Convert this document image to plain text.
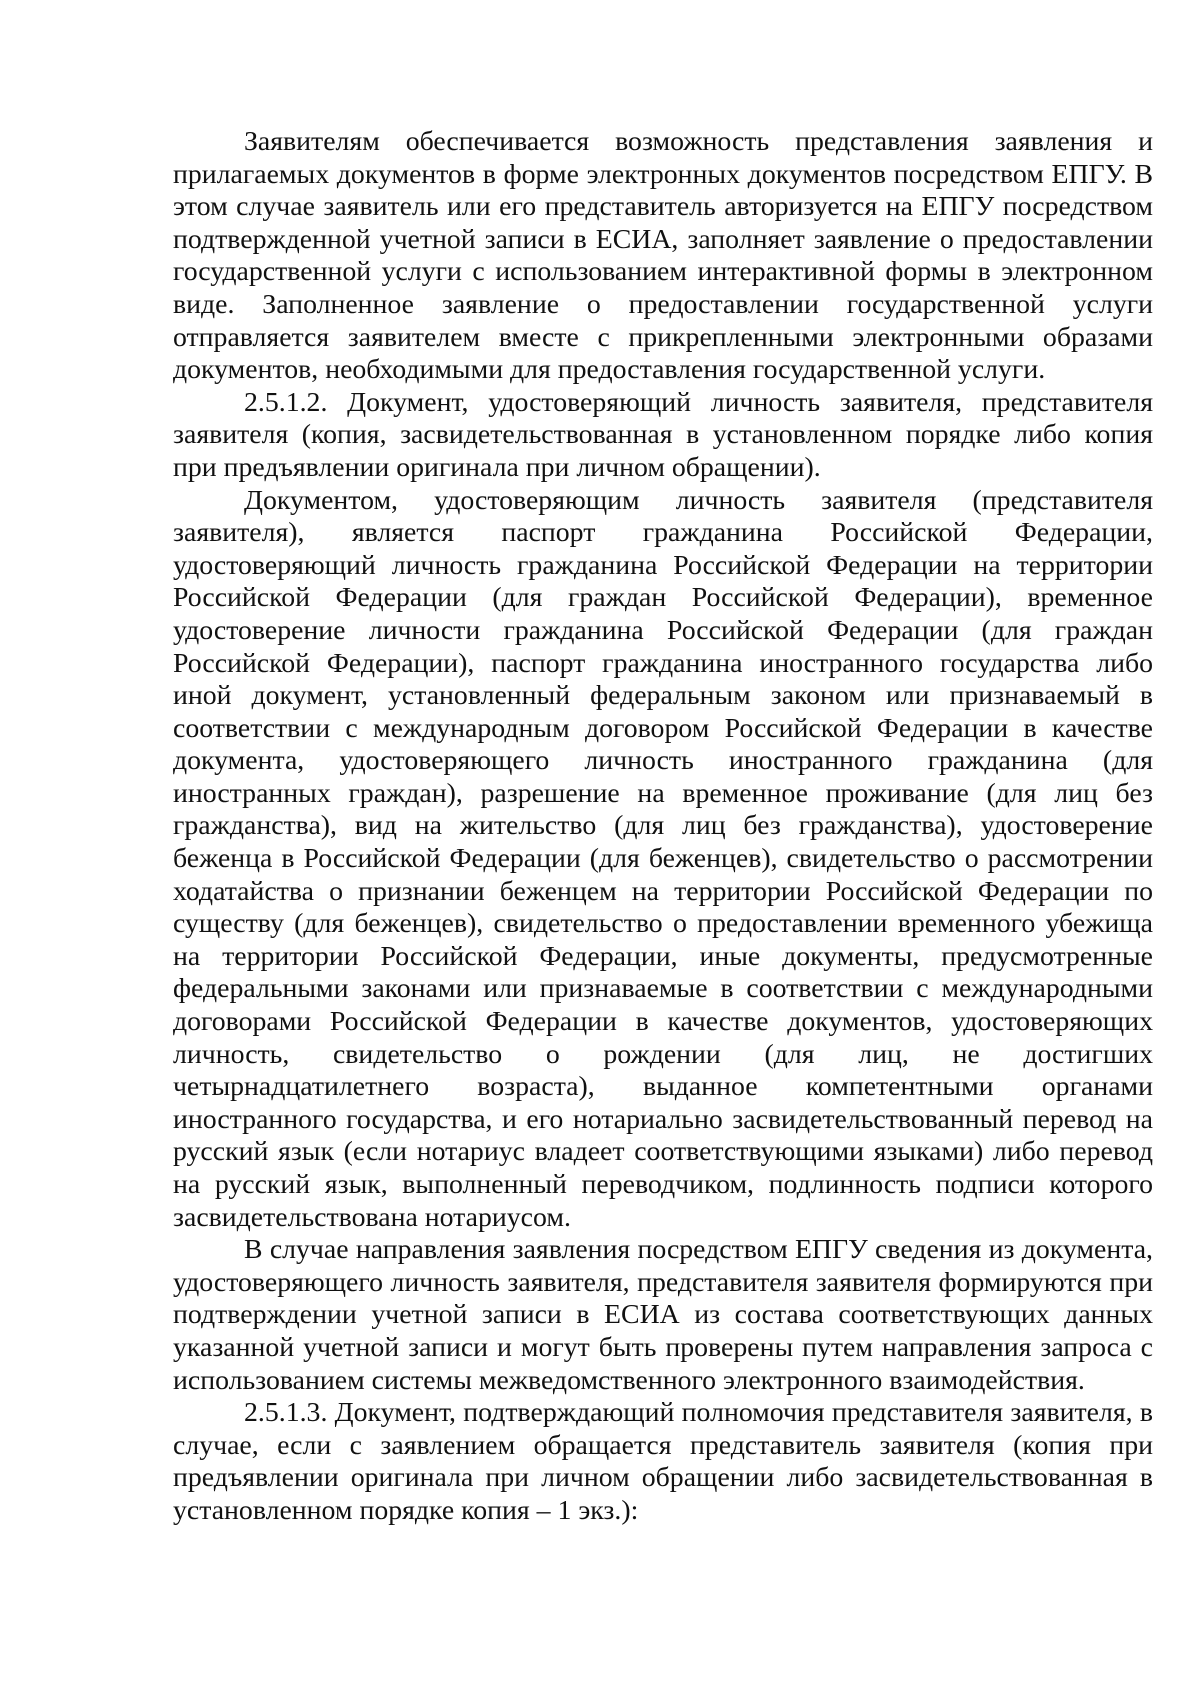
Заявителям обеспечивается возможность представления заявления и прилагаемых документов в форме электронных документов посредством ЕПГУ. В этом случае заявитель или его представитель авторизуется на ЕПГУ посредством подтвержденной учетной записи в ЕСИА, заполняет заявление о предоставлении государственной услуги с использованием интерактивной формы в электронном виде. Заполненное заявление о предоставлении государственной услуги отправляется заявителем вместе с прикрепленными электронными образами документов, необходимыми для предоставления государственной услуги.

2.5.1.2. Документ, удостоверяющий личность заявителя, представителя заявителя (копия, засвидетельствованная в установленном порядке либо копия при предъявлении оригинала при личном обращении).

Документом, удостоверяющим личность заявителя (представителя заявителя), является паспорт гражданина Российской Федерации, удостоверяющий личность гражданина Российской Федерации на территории Российской Федерации (для граждан Российской Федерации), временное удостоверение личности гражданина Российской Федерации (для граждан Российской Федерации), паспорт гражданина иностранного государства либо иной документ, установленный федеральным законом или признаваемый в соответствии с международным договором Российской Федерации в качестве документа, удостоверяющего личность иностранного гражданина (для иностранных граждан), разрешение на временное проживание (для лиц без гражданства), вид на жительство (для лиц без гражданства), удостоверение беженца в Российской Федерации (для беженцев), свидетельство о рассмотрении ходатайства о признании беженцем на территории Российской Федерации по существу (для беженцев), свидетельство о предоставлении временного убежища на территории Российской Федерации, иные документы, предусмотренные федеральными законами или признаваемые в соответствии с международными договорами Российской Федерации в качестве документов, удостоверяющих личность, свидетельство о рождении (для лиц, не достигших четырнадцатилетнего возраста), выданное компетентными органами иностранного государства, и его нотариально засвидетельствованный перевод на русский язык (если нотариус владеет соответствующими языками) либо перевод на русский язык, выполненный переводчиком, подлинность подписи которого засвидетельствована нотариусом.

В случае направления заявления посредством ЕПГУ сведения из документа, удостоверяющего личность заявителя, представителя заявителя формируются при подтверждении учетной записи в ЕСИА из состава соответствующих данных указанной учетной записи и могут быть проверены путем направления запроса с использованием системы межведомственного электронного взаимодействия.

2.5.1.3. Документ, подтверждающий полномочия представителя заявителя, в случае, если с заявлением обращается представитель заявителя (копия при предъявлении оригинала при личном обращении либо засвидетельствованная в установленном порядке копия – 1 экз.):
